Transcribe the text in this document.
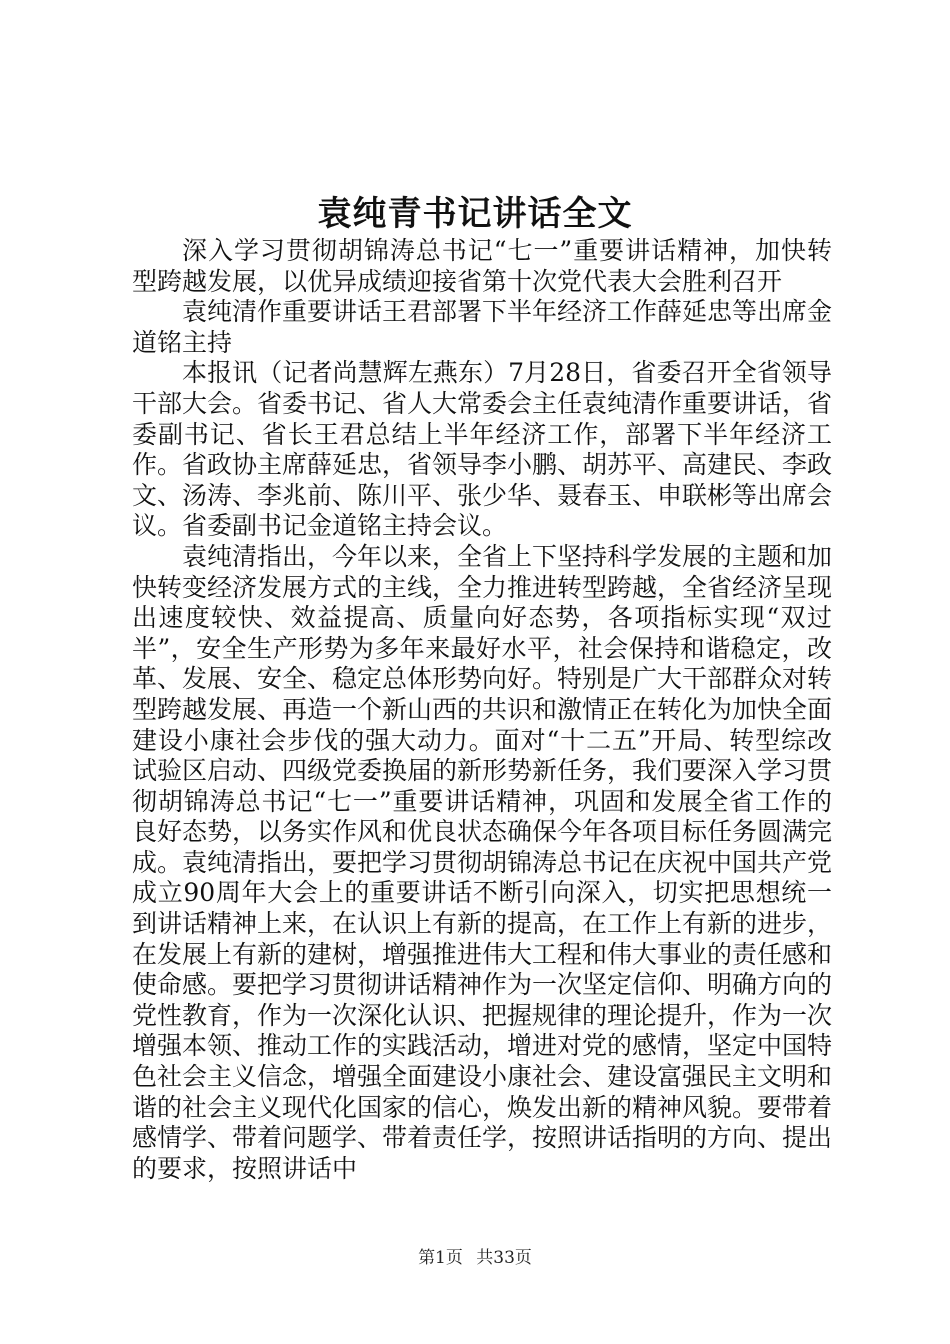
袁纯青书记讲话全文

深入学习贯彻胡锦涛总书记“七一”重要讲话精神，加快转型跨越发展，以优异成绩迎接省第十次党代表大会胜利召开

袁纯清作重要讲话王君部署下半年经济工作薛延忠等出席金道铭主持

本报讯（记者尚慧辉左燕东）7月28日，省委召开全省领导干部大会。省委书记、省人大常委会主任袁纯清作重要讲话，省委副书记、省长王君总结上半年经济工作，部署下半年经济工作。省政协主席薛延忠，省领导李小鹏、胡苏平、高建民、李政文、汤涛、李兆前、陈川平、张少华、聂春玉、申联彬等出席会议。省委副书记金道铭主持会议。

袁纯清指出，今年以来，全省上下坚持科学发展的主题和加快转变经济发展方式的主线，全力推进转型跨越，全省经济呈现出速度较快、效益提高、质量向好态势，各项指标实现“双过半”，安全生产形势为多年来最好水平，社会保持和谐稳定，改革、发展、安全、稳定总体形势向好。特别是广大干部群众对转型跨越发展、再造一个新山西的共识和激情正在转化为加快全面建设小康社会步伐的强大动力。面对“十二五”开局、转型综改试验区启动、四级党委换届的新形势新任务，我们要深入学习贯彻胡锦涛总书记“七一”重要讲话精神，巩固和发展全省工作的良好态势，以务实作风和优良状态确保今年各项目标任务圆满完成。袁纯清指出，要把学习贯彻胡锦涛总书记在庆祝中国共产党成立90周年大会上的重要讲话不断引向深入，切实把思想统一到讲话精神上来，在认识上有新的提高，在工作上有新的进步，在发展上有新的建树，增强推进伟大工程和伟大事业的责任感和使命感。要把学习贯彻讲话精神作为一次坚定信仰、明确方向的党性教育，作为一次深化认识、把握规律的理论提升，作为一次增强本领、推动工作的实践活动，增进对党的感情，坚定中国特色社会主义信念，增强全面建设小康社会、建设富强民主文明和谐的社会主义现代化国家的信心，焕发出新的精神风貌。要带着感情学、带着问题学、带着责任学，按照讲话指明的方向、提出的要求，按照讲话中

第1页 共33页
